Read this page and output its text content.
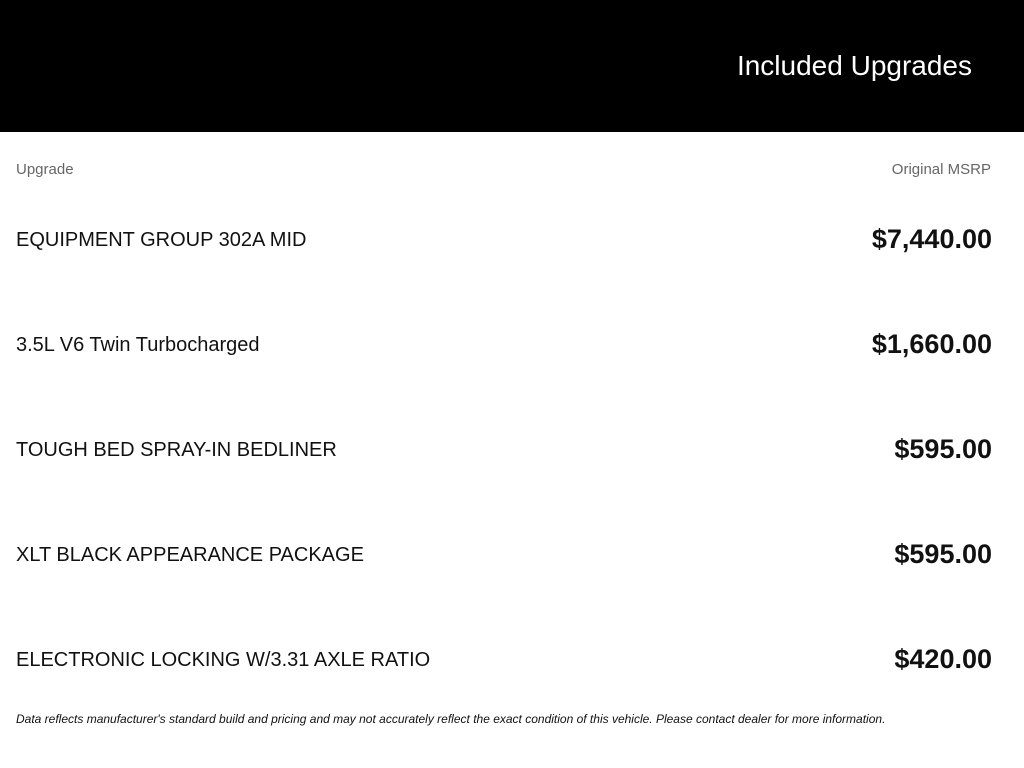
Included Upgrades
Upgrade	Original MSRP
EQUIPMENT GROUP 302A MID	$7,440.00
3.5L V6 Twin Turbocharged	$1,660.00
TOUGH BED SPRAY-IN BEDLINER	$595.00
XLT BLACK APPEARANCE PACKAGE	$595.00
ELECTRONIC LOCKING W/3.31 AXLE RATIO	$420.00
Data reflects manufacturer's standard build and pricing and may not accurately reflect the exact condition of this vehicle. Please contact dealer for more information.
